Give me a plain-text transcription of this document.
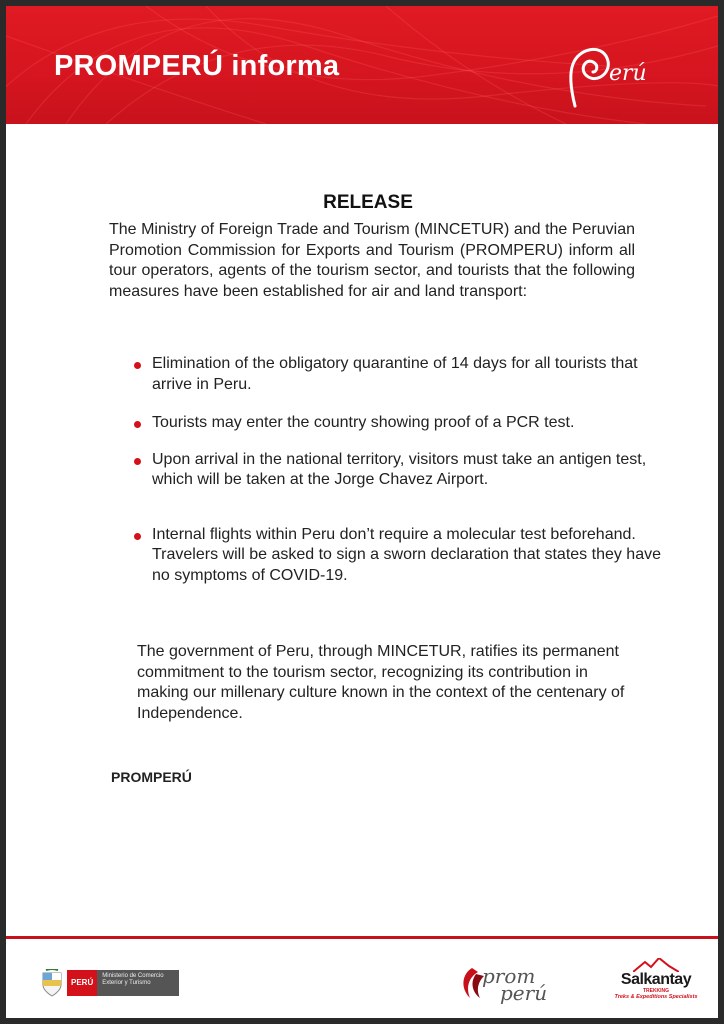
PROMPERÚ informa	erú
RELEASE

The Ministry of Foreign Trade and Tourism (MINCETUR) and the Peruvian Promotion Commission for Exports and Tourism (PROMPERU) inform all tour operators, agents of the tourism sector, and tourists that the following measures have been established for air and land transport:

Elimination of the obligatory quarantine of 14 days for all tourists that arrive in Peru.
Tourists may enter the country showing proof of a PCR test.
Upon arrival in the national territory, visitors must take an antigen test, which will be taken at the Jorge Chavez Airport.
Internal flights within Peru don’t require a molecular test beforehand. Travelers will be asked to sign a sworn declaration that states they have no symptoms of COVID-19.

The government of Peru, through MINCETUR, ratifies its permanent commitment to the tourism sector, recognizing its contribution in making our millenary culture known in the context of the centenary of Independence.

PROMPERÚ
PERÚ
Ministerio de Comercio Exterior y Turismo	prom
perú
Salkantay
TREKKING
Treks & Expeditions Specialists
